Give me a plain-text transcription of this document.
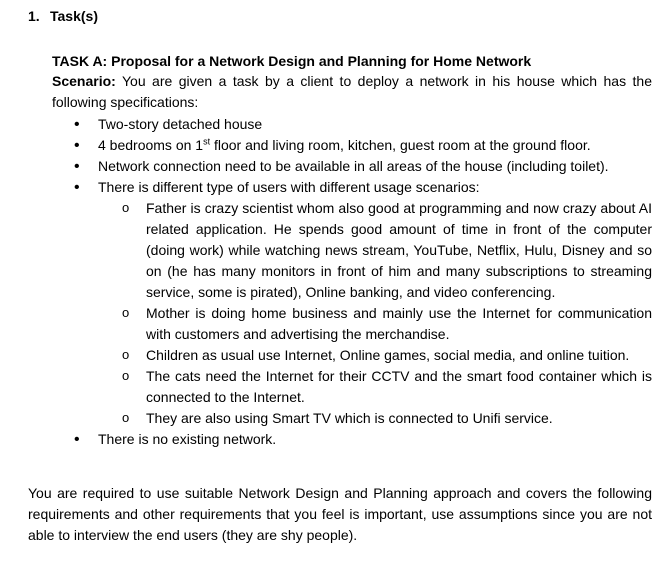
1. Task(s)
TASK A: Proposal for a Network Design and Planning for Home Network
Scenario: You are given a task by a client to deploy a network in his house which has the following specifications:
• Two-story detached house
• 4 bedrooms on 1st floor and living room, kitchen, guest room at the ground floor.
• Network connection need to be available in all areas of the house (including toilet).
• There is different type of users with different usage scenarios:
o Father is crazy scientist whom also good at programming and now crazy about AI related application. He spends good amount of time in front of the computer (doing work) while watching news stream, YouTube, Netflix, Hulu, Disney and so on (he has many monitors in front of him and many subscriptions to streaming service, some is pirated), Online banking, and video conferencing.
o Mother is doing home business and mainly use the Internet for communication with customers and advertising the merchandise.
o Children as usual use Internet, Online games, social media, and online tuition.
o The cats need the Internet for their CCTV and the smart food container which is connected to the Internet.
o They are also using Smart TV which is connected to Unifi service.
• There is no existing network.
You are required to use suitable Network Design and Planning approach and covers the following requirements and other requirements that you feel is important, use assumptions since you are not able to interview the end users (they are shy people).
